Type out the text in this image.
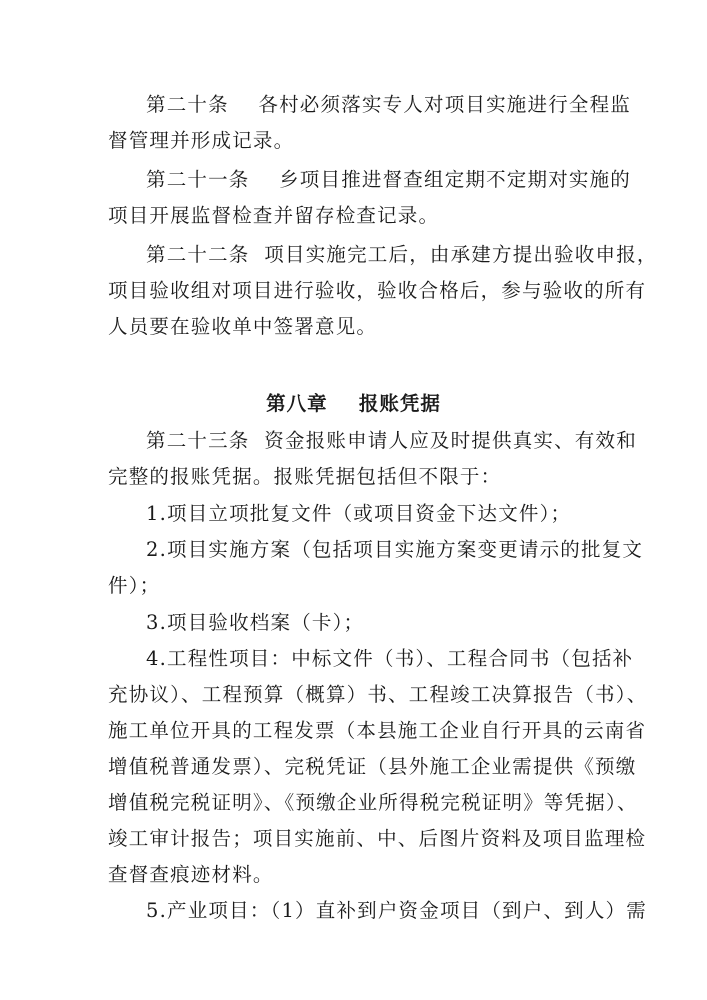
第二十条    各村必须落实专人对项目实施进行全程监

督管理并形成记录。

第二十一条    乡项目推进督查组定期不定期对实施的

项目开展监督检查并留存检查记录。

第二十二条  项目实施完工后，由承建方提出验收申报，

项目验收组对项目进行验收，验收合格后，参与验收的所有

人员要在验收单中签署意见。

第八章    报账凭据

第二十三条  资金报账申请人应及时提供真实、有效和

完整的报账凭据。报账凭据包括但不限于：

1.项目立项批复文件（或项目资金下达文件）；

2.项目实施方案（包括项目实施方案变更请示的批复文

件）；

3.项目验收档案（卡）；

4.工程性项目：中标文件（书）、工程合同书（包括补

充协议）、工程预算（概算）书、工程竣工决算报告（书）、

施工单位开具的工程发票（本县施工企业自行开具的云南省

增值税普通发票）、完税凭证（县外施工企业需提供《预缴

增值税完税证明》、《预缴企业所得税完税证明》等凭据）、

竣工审计报告；项目实施前、中、后图片资料及项目监理检

查督查痕迹材料。

5.产业项目：（1）直补到户资金项目（到户、到人）需
